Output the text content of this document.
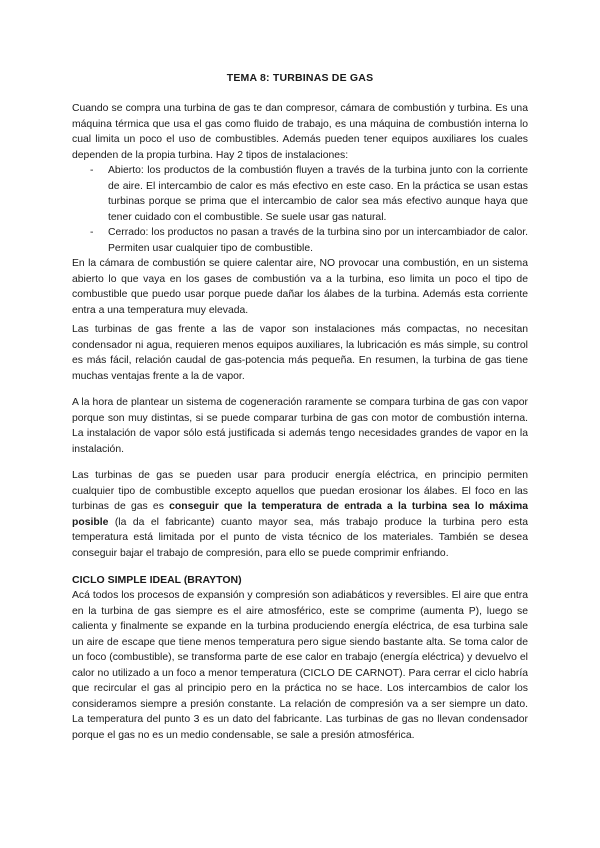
TEMA 8: TURBINAS DE GAS

Cuando se compra una turbina de gas te dan compresor, cámara de combustión y turbina. Es una máquina térmica que usa el gas como fluido de trabajo, es una máquina de combustión interna lo cual limita un poco el uso de combustibles. Además pueden tener equipos auxiliares los cuales dependen de la propia turbina. Hay 2 tipos de instalaciones:

- Abierto: los productos de la combustión fluyen a través de la turbina junto con la corriente de aire. El intercambio de calor es más efectivo en este caso. En la práctica se usan estas turbinas porque se prima que el intercambio de calor sea más efectivo aunque haya que tener cuidado con el combustible. Se suele usar gas natural.
- Cerrado: los productos no pasan a través de la turbina sino por un intercambiador de calor. Permiten usar cualquier tipo de combustible.

En la cámara de combustión se quiere calentar aire, NO provocar una combustión, en un sistema abierto lo que vaya en los gases de combustión va a la turbina, eso limita un poco el tipo de combustible que puedo usar porque puede dañar los álabes de la turbina. Además esta corriente entra a una temperatura muy elevada.

Las turbinas de gas frente a las de vapor son instalaciones más compactas, no necesitan condensador ni agua, requieren menos equipos auxiliares, la lubricación es más simple, su control es más fácil, relación caudal de gas-potencia más pequeña. En resumen, la turbina de gas tiene muchas ventajas frente a la de vapor.
A la hora de plantear un sistema de cogeneración raramente se compara turbina de gas con vapor porque son muy distintas, si se puede comparar turbina de gas con motor de combustión interna. La instalación de vapor sólo está justificada si además tengo necesidades grandes de vapor en la instalación.
Las turbinas de gas se pueden usar para producir energía eléctrica, en principio permiten cualquier tipo de combustible excepto aquellos que puedan erosionar los álabes. El foco en las turbinas de gas es conseguir que la temperatura de entrada a la turbina sea lo máxima posible (la da el fabricante) cuanto mayor sea, más trabajo produce la turbina pero esta temperatura está limitada por el punto de vista técnico de los materiales. También se desea conseguir bajar el trabajo de compresión, para ello se puede comprimir enfriando.
CICLO SIMPLE IDEAL (BRAYTON)
Acá todos los procesos de expansión y compresión son adiabáticos y reversibles. El aire que entra en la turbina de gas siempre es el aire atmosférico, este se comprime (aumenta P), luego se calienta y finalmente se expande en la turbina produciendo energía eléctrica, de esa turbina sale un aire de escape que tiene menos temperatura pero sigue siendo bastante alta. Se toma calor de un foco (combustible), se transforma parte de ese calor en trabajo (energía eléctrica) y devuelvo el calor no utilizado a un foco a menor temperatura (CICLO DE CARNOT). Para cerrar el ciclo habría que recircular el gas al principio pero en la práctica no se hace. Los intercambios de calor los consideramos siempre a presión constante. La relación de compresión va a ser siempre un dato. La temperatura del punto 3 es un dato del fabricante. Las turbinas de gas no llevan condensador porque el gas no es un medio condensable, se sale a presión atmosférica.
